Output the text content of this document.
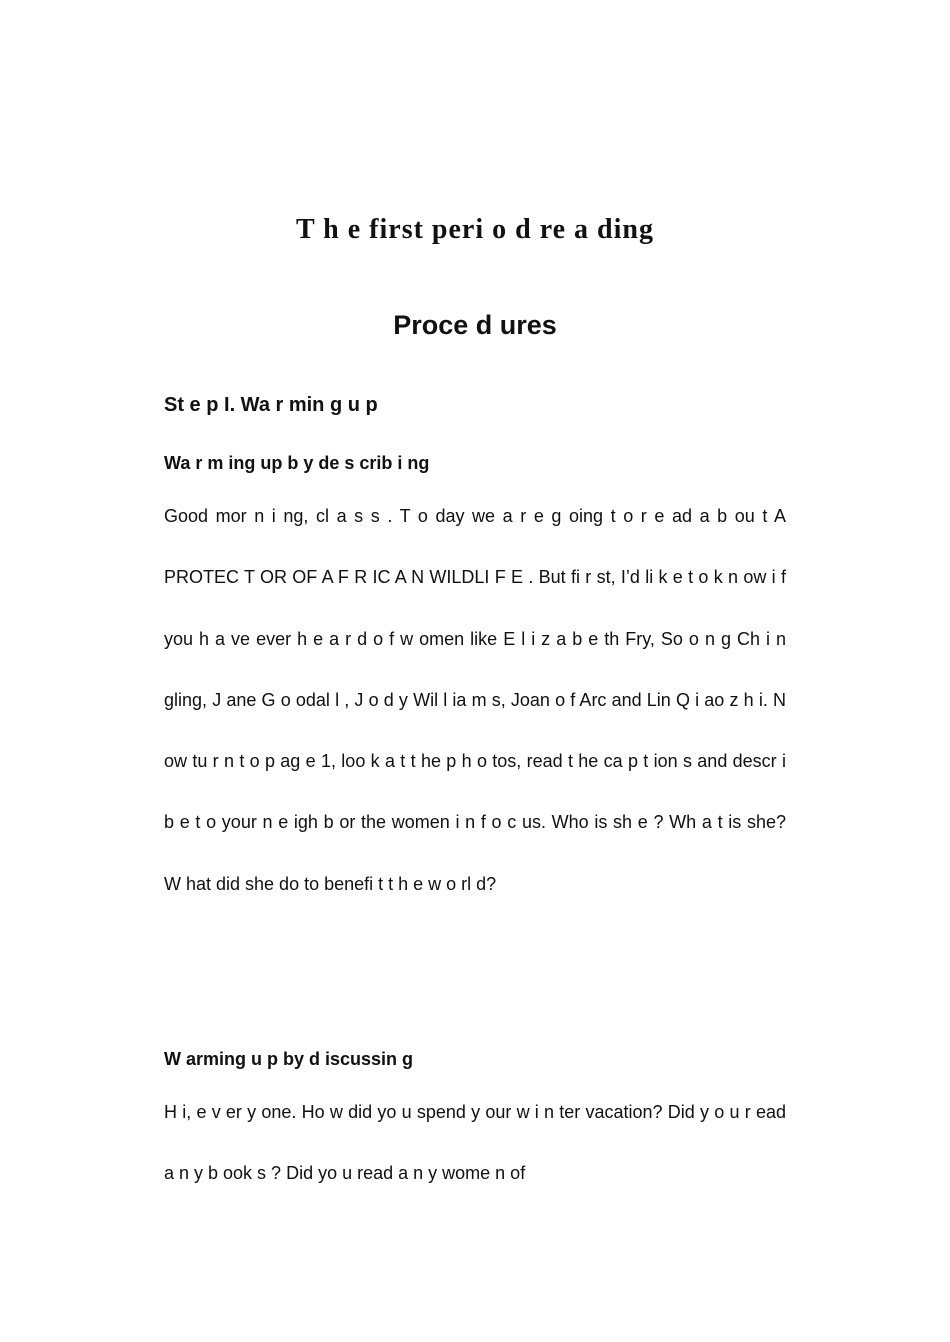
T h e first peri o d re a ding
Proce d ures
St e p I. Wa r min g u p
Wa r m ing up b y de s crib i ng

Good mor n i ng, cl a s s . T o day we a r e g oing t o r e ad a b ou t A PROTEC T OR OF A F R IC A N WILDLI F E . But fi r st, I’d li k e t o k n ow i f you h a ve ever h e a r d o f w omen like E l i z a b e th Fry, So o n g Ch i n gling, J ane G o odal l , J o d y Wil l ia m s, Joan o f Arc and Lin Q i ao z h i. N ow tu r n t o p ag e 1, loo k a t t he p h o tos, read t he ca p t ion s and descr i b e t o your n e igh b or the women i n f o c us. Who is sh e ? Wh a t is she? W hat did she do to benefi t t h e w o rl d?

W arming u p by d iscussin g

H i, e v er y one. Ho w did yo u spend y our w i n ter vacation? Did y o u r ead a n y b ook s ? Did yo u read a n y wome n of
